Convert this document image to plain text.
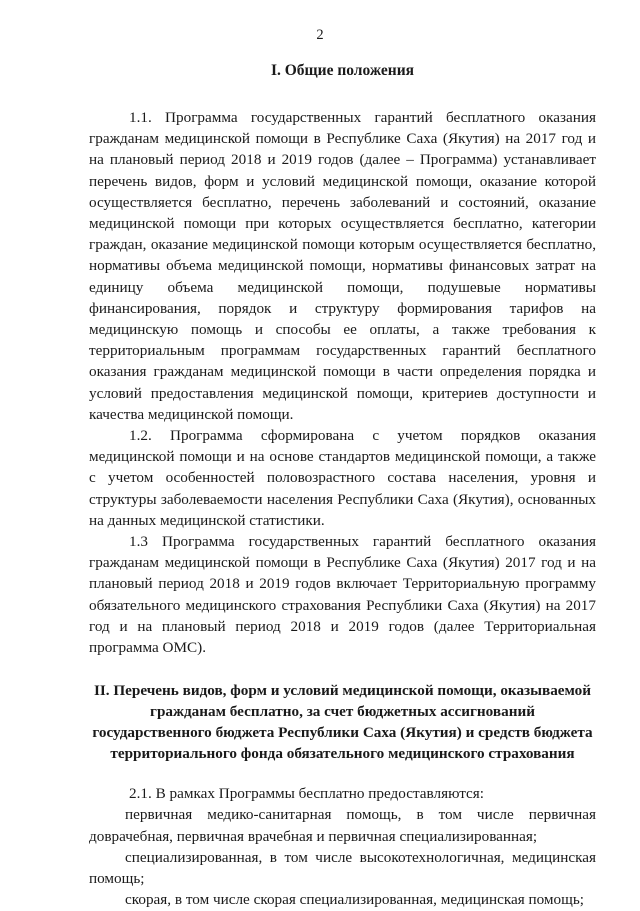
2
I. Общие положения

1.1. Программа государственных гарантий бесплатного оказания гражданам медицинской помощи в Республике Саха (Якутия) на 2017 год и на плановый период 2018 и 2019 годов (далее – Программа) устанавливает перечень видов, форм и условий медицинской помощи, оказание которой осуществляется бесплатно, перечень заболеваний и состояний, оказание медицинской помощи при которых осуществляется бесплатно, категории граждан, оказание медицинской помощи которым осуществляется бесплатно, нормативы объема медицинской помощи, нормативы финансовых затрат на единицу объема медицинской помощи, подушевые нормативы финансирования, порядок и структуру формирования тарифов на медицинскую помощь и способы ее оплаты, а также требования к территориальным программам государственных гарантий бесплатного оказания гражданам медицинской помощи в части определения порядка и условий предоставления медицинской помощи, критериев доступности и качества медицинской помощи.

1.2. Программа сформирована с учетом порядков оказания медицинской помощи и на основе стандартов медицинской помощи, а также с учетом особенностей половозрастного состава населения, уровня и структуры заболеваемости населения Республики Саха (Якутия), основанных на данных медицинской статистики.

1.3 Программа государственных гарантий бесплатного оказания гражданам медицинской помощи в Республике Саха (Якутия) 2017 год и на плановый период 2018 и 2019 годов включает Территориальную программу обязательного медицинского страхования Республики Саха (Якутия) на 2017 год и на плановый период 2018 и 2019 годов (далее Территориальная программа ОМС).

II. Перечень видов, форм и условий медицинской помощи, оказываемой гражданам бесплатно, за счет бюджетных ассигнований государственного бюджета Республики Саха (Якутия) и средств бюджета территориального фонда обязательного медицинского страхования

2.1. В рамках Программы бесплатно предоставляются:

первичная медико-санитарная помощь, в том числе первичная доврачебная, первичная врачебная и первичная специализированная;

специализированная, в том числе высокотехнологичная, медицинская помощь;

скорая, в том числе скорая специализированная, медицинская помощь;
